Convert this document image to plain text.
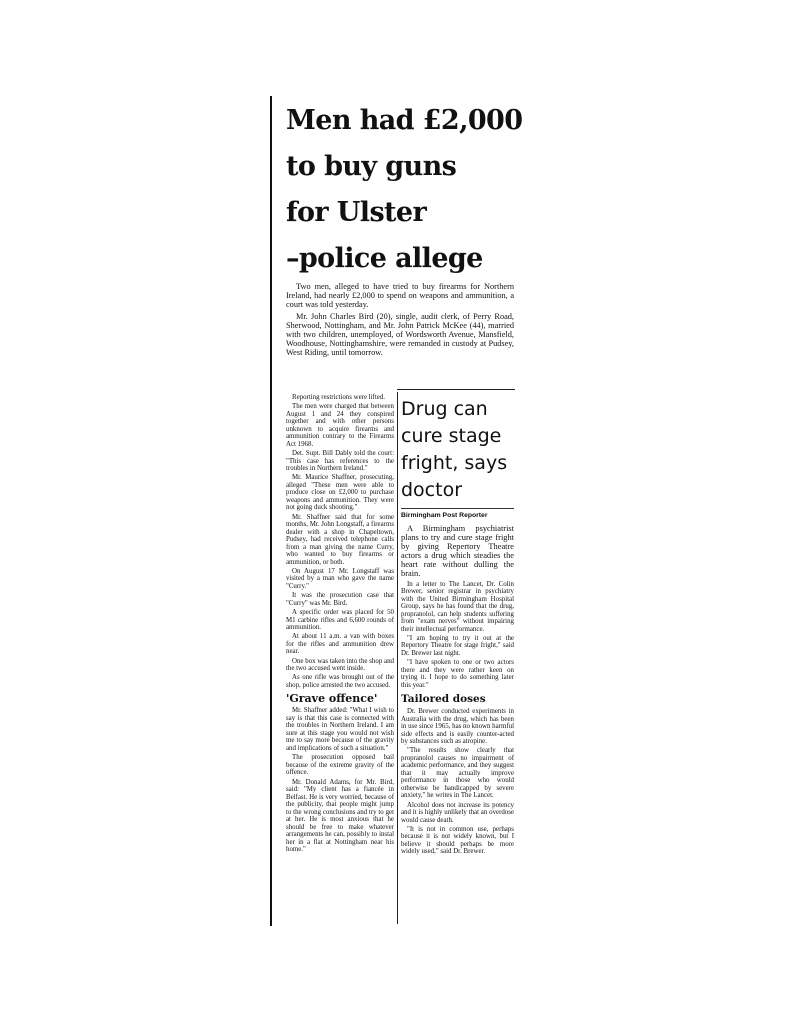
Men had £2,000
to buy guns
for Ulster
–police allege

Two men, alleged to have tried to buy firearms for Northern Ireland, had nearly £2,000 to spend on weapons and ammunition, a court was told yesterday.

Mr. John Charles Bird (20), single, audit clerk, of Perry Road, Sherwood, Nottingham, and Mr. John Patrick McKee (44), married with two children, unemployed, of Wordsworth Avenue, Mansfield, Woodhouse, Nottinghamshire, were remanded in custody at Pudsey, West Riding, until tomorrow.

Reporting restrictions were lifted.

The men were charged that between August 1 and 24 they conspired together and with other persons unknown to acquire firearms and ammunition contrary to the Firearms Act 1968.

Det. Supt. Bill Dably told the court: "This case has references to the troubles in Northern Ireland."

Mr. Maurice Shaffner, prosecuting, alleged "These men were able to produce close on £2,000 to purchase weapons and ammunition. They were not going duck shooting."

Mr. Shaffner said that for some months, Mr. John Longstaff, a firearms dealer with a shop in Chapeltown, Pudsey, had received telephone calls from a man giving the name Curry, who wanted to buy firearms or ammunition, or both.

On August 17 Mr. Longstaff was visited by a man who gave the name "Curry."

It was the prosecution case that "Curry" was Mr. Bird.

A specific order was placed for 50 M1 carbine rifles and 6,600 rounds of ammunition.

At about 11 a.m. a van with boxes for the rifles and ammunition drew near.

One box was taken into the shop and the two accused went inside.

As one rifle was brought out of the shop, police arrested the two accused.

'Grave offence'

Mr. Shaffner added: "What I wish to say is that this case is connected with the troubles in Northern Ireland. I am sure at this stage you would not wish me to say more because of the gravity and implications of such a situation."

The prosecution opposed bail because of the extreme gravity of the offence.

Mr. Donald Adams, for Mr. Bird, said: "My client has a fiancée in Belfast. He is very worried, because of the publicity, that people might jump to the wrong conclusions and try to get at her. He is most anxious that he should be free to make whatever arrangements he can, possibly to instal her in a flat at Nottingham near his home."

Drug can
cure stage
fright, says
doctor
Birmingham Post Reporter

A Birmingham psychiatrist plans to try and cure stage fright by giving Repertory Theatre actors a drug which steadies the heart rate without dulling the brain.

In a letter to The Lancet, Dr. Colin Brewer, senior registrar in psychiatry with the United Birmingham Hospital Group, says he has found that the drug, propranolol, can help students suffering from "exam nerves" without impairing their intellectual performance.

"I am hoping to try it out at the Repertory Theatre for stage fright," said Dr. Brewer last night.

"I have spoken to one or two actors there and they were rather keen on trying it. I hope to do something later this year."

Tailored doses

Dr. Brewer conducted experiments in Australia with the drug, which has been in use since 1965, has no known harmful side effects and is easily counter-acted by substances such as atropine.

"The results show clearly that propranolol causes no impairment of academic performance, and they suggest that it may actually improve performance in those who would otherwise be handicapped by severe anxiety," he writes in The Lancet.

Alcohol does not increase its potency and it is highly unlikely that an overdose would cause death.

"It is not in common use, perhaps because it is not widely known, but I believe it should perhaps be more widely used," said Dr. Brewer.
